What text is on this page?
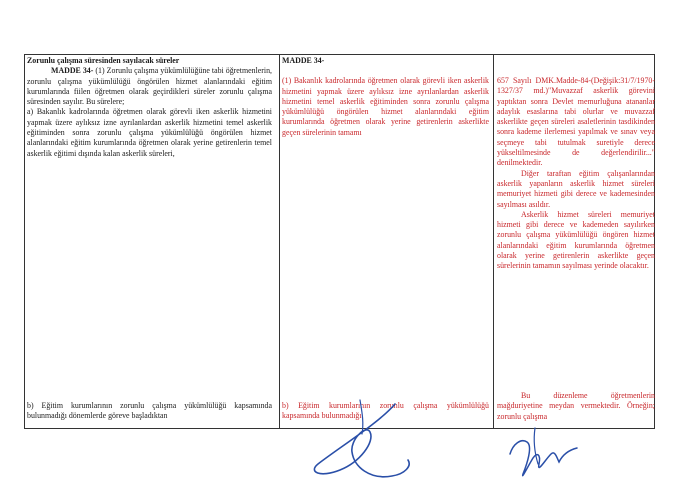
Zorunlu çalışma süresinden sayılacak süreler

MADDE 34- (1) Zorunlu çalışma yükümlülüğüne tabi öğretmenlerin, zorunlu çalışma yükümlülüğü öngörülen hizmet alanlarındaki eğitim kurumlarında fiilen öğretmen olarak geçirdikleri süreler zorunlu çalışma süresinden sayılır. Bu sürelere;

a) Bakanlık kadrolarında öğretmen olarak görevli iken askerlik hizmetini yapmak üzere aylıksız izne ayrılanlardan askerlik hizmetini temel askerlik eğitiminden sonra zorunlu çalışma yükümlülüğü öngörülen hizmet alanlarındaki eğitim kurumlarında öğretmen olarak yerine getirenlerin temel askerlik eğitimi dışında kalan askerlik süreleri,

b) Eğitim kurumlarının zorunlu çalışma yükümlülüğü kapsamında bulunmadığı dönemlerde göreve başladıktan

MADDE 34-

(1) Bakanlık kadrolarında öğretmen olarak görevli iken askerlik hizmetini yapmak üzere aylıksız izne ayrılanlardan askerlik hizmetini temel askerlik eğitiminden sonra zorunlu çalışma yükümlülüğü öngörülen hizmet alanlarındaki eğitim kurumlarında öğretmen olarak yerine getirenlerin askerlikte geçen sürelerinin tamamı

b) Eğitim kurumlarının zorunlu çalışma yükümlülüğü kapsamında bulunmadığı

657 Sayılı DMK.Madde-84-(Değişik:31/7/1970-1327/37 md.)"Muvazzaf askerlik görevini yaptıktan sonra Devlet memurluğuna atananlar adaylık esaslarına tabi olurlar ve muvazzaf askerlikte geçen süreleri asaletlerinin tasdikinden sonra kademe ilerlemesi yapılmak ve sınav veya seçmeye tabi tutulmak suretiyle derece yükseltilmesinde de değerlendirilir..." denilmektedir.

Diğer taraftan eğitim çalışanlarından askerlik yapanların askerlik hizmet süreleri memuriyet hizmeti gibi derece ve kademesinden sayılması asıldır.

Askerlik hizmet süreleri memuriyet hizmeti gibi derece ve kademeden sayılırken zorunlu çalışma yükümlülüğü öngören hizmet alanlarındaki eğitim kurumlarında öğretmen olarak yerine getirenlerin askerlikte geçen sürelerinin tamamın sayılması yerinde olacaktır.

Bu düzenleme öğretmenlerin mağduriyetine meydan vermektedir. Örneğin; zorunlu çalışma
